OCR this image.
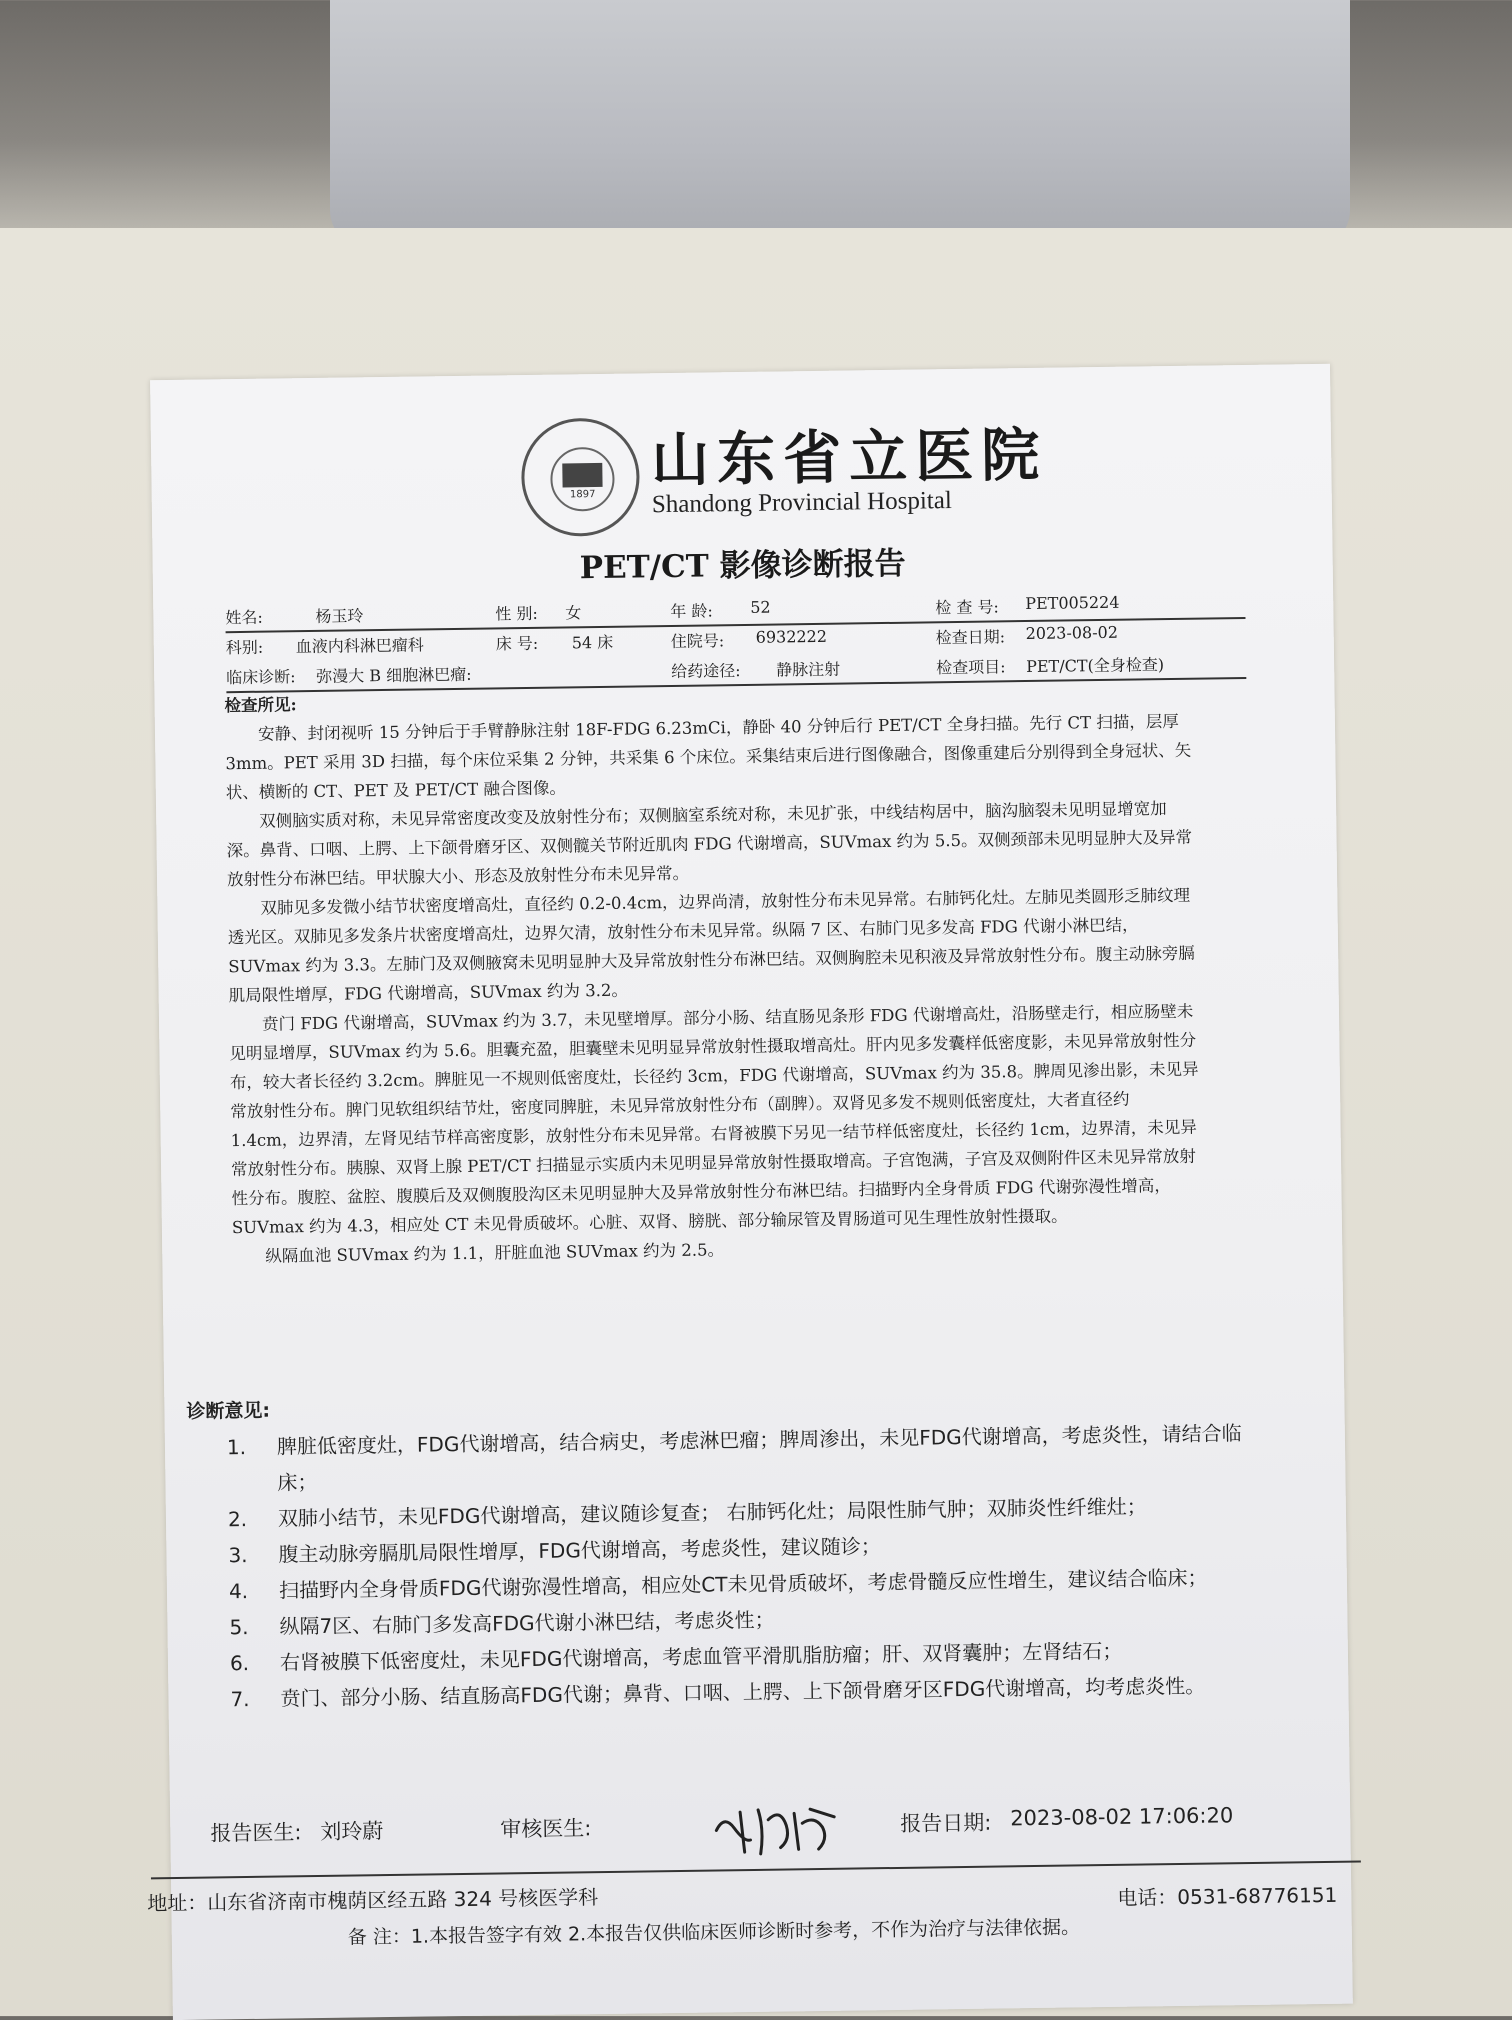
1897
山东省立医院
Shandong Provincial Hospital
PET/CT 影像诊断报告
姓名:	杨玉玲	性 别: 女	年 龄: 52	检 查 号: PET005224
科别: 血液内科淋巴瘤科	床 号: 54 床	住院号: 6932222	检查日期: 2023-08-02
临床诊断: 弥漫大 B 细胞淋巴瘤:	给药途径: 静脉注射	检查项目: PET/CT(全身检查)
检查所见:

安静、封闭视听 15 分钟后于手臂静脉注射 18F-FDG 6.23mCi，静卧 40 分钟后行 PET/CT 全身扫描。先行 CT 扫描，层厚 3mm。PET 采用 3D 扫描，每个床位采集 2 分钟，共采集 6 个床位。采集结束后进行图像融合，图像重建后分别得到全身冠状、矢状、横断的 CT、PET 及 PET/CT 融合图像。

双侧脑实质对称，未见异常密度改变及放射性分布；双侧脑室系统对称，未见扩张，中线结构居中，脑沟脑裂未见明显增宽加深。鼻背、口咽、上腭、上下颌骨磨牙区、双侧髋关节附近肌肉 FDG 代谢增高，SUVmax 约为 5.5。双侧颈部未见明显肿大及异常放射性分布淋巴结。甲状腺大小、形态及放射性分布未见异常。

双肺见多发微小结节状密度增高灶，直径约 0.2-0.4cm，边界尚清，放射性分布未见异常。右肺钙化灶。左肺见类圆形乏肺纹理透光区。双肺见多发条片状密度增高灶，边界欠清，放射性分布未见异常。纵隔 7 区、右肺门见多发高 FDG 代谢小淋巴结，SUVmax 约为 3.3。左肺门及双侧腋窝未见明显肿大及异常放射性分布淋巴结。双侧胸腔未见积液及异常放射性分布。腹主动脉旁膈肌局限性增厚，FDG 代谢增高，SUVmax 约为 3.2。

贲门 FDG 代谢增高，SUVmax 约为 3.7，未见壁增厚。部分小肠、结直肠见条形 FDG 代谢增高灶，沿肠壁走行，相应肠壁未见明显增厚，SUVmax 约为 5.6。胆囊充盈，胆囊壁未见明显异常放射性摄取增高灶。肝内见多发囊样低密度影，未见异常放射性分布，较大者长径约 3.2cm。脾脏见一不规则低密度灶，长径约 3cm，FDG 代谢增高，SUVmax 约为 35.8。脾周见渗出影，未见异常放射性分布。脾门见软组织结节灶，密度同脾脏，未见异常放射性分布（副脾）。双肾见多发不规则低密度灶，大者直径约 1.4cm，边界清，左肾见结节样高密度影，放射性分布未见异常。右肾被膜下另见一结节样低密度灶，长径约 1cm，边界清，未见异常放射性分布。胰腺、双肾上腺 PET/CT 扫描显示实质内未见明显异常放射性摄取增高。子宫饱满，子宫及双侧附件区未见异常放射性分布。腹腔、盆腔、腹膜后及双侧腹股沟区未见明显肿大及异常放射性分布淋巴结。扫描野内全身骨质 FDG 代谢弥漫性增高，SUVmax 约为 4.3，相应处 CT 未见骨质破坏。心脏、双肾、膀胱、部分输尿管及胃肠道可见生理性放射性摄取。

纵隔血池 SUVmax 约为 1.1，肝脏血池 SUVmax 约为 2.5。

诊断意见:
1.	脾脏低密度灶，FDG代谢增高，结合病史，考虑淋巴瘤；脾周渗出，未见FDG代谢增高，考虑炎性，请结合临床；
2.	双肺小结节，未见FDG代谢增高，建议随诊复查； 右肺钙化灶；局限性肺气肿；双肺炎性纤维灶；
3.	腹主动脉旁膈肌局限性增厚，FDG代谢增高，考虑炎性，建议随诊；
4.	扫描野内全身骨质FDG代谢弥漫性增高，相应处CT未见骨质破坏，考虑骨髓反应性增生，建议结合临床；
5.	纵隔7区、右肺门多发高FDG代谢小淋巴结，考虑炎性；
6.	右肾被膜下低密度灶，未见FDG代谢增高，考虑血管平滑肌脂肪瘤；肝、双肾囊肿；左肾结石；
7.	贲门、部分小肠、结直肠高FDG代谢；鼻背、口咽、上腭、上下颌骨磨牙区FDG代谢增高，均考虑炎性。
报告医生: 刘玲蔚	审核医生:	报告日期: 2023-08-02 17:06:20
地址：山东省济南市槐荫区经五路 324 号核医学科	电话：0531-68776151
备 注：1.本报告签字有效 2.本报告仅供临床医师诊断时参考，不作为治疗与法律依据。
